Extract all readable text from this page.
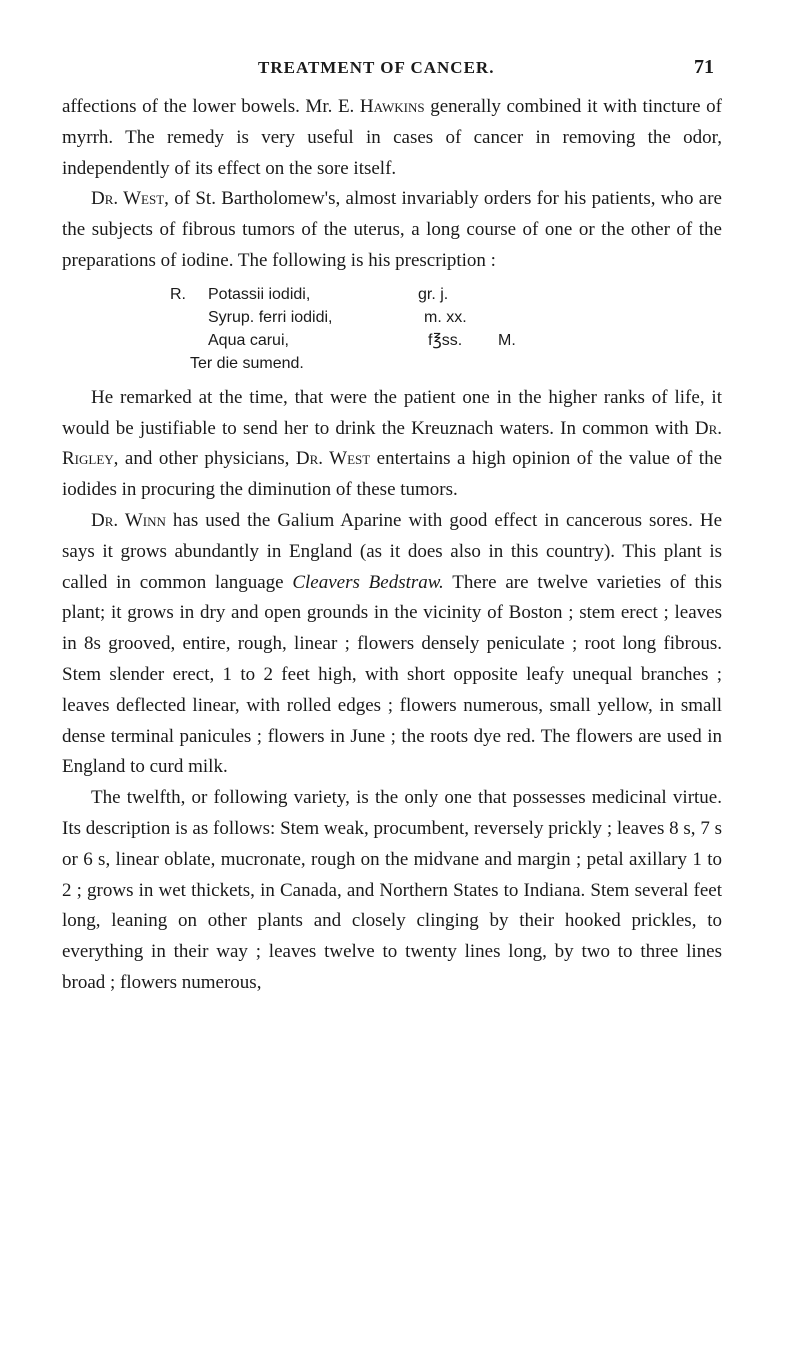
TREATMENT OF CANCER.	71

affections of the lower bowels. Mr. E. Hawkins generally combined it with tincture of myrrh. The remedy is very useful in cases of cancer in removing the odor, independently of its effect on the sore itself.

Dr. West, of St. Bartholomew's, almost invariably orders for his patients, who are the subjects of fibrous tumors of the uterus, a long course of one or the other of the preparations of iodine. The following is his prescription :

R. Potassii iodidi,	gr. j.
Syrup. ferri iodidi,	m. xx.
Aqua carui,	f℥ss. M.
Ter die sumend.

He remarked at the time, that were the patient one in the higher ranks of life, it would be justifiable to send her to drink the Kreuznach waters. In common with Dr. Rigley, and other physicians, Dr. West entertains a high opinion of the value of the iodides in procuring the diminution of these tumors.

Dr. Winn has used the Galium Aparine with good effect in cancerous sores. He says it grows abundantly in England (as it does also in this country). This plant is called in common language Cleavers Bedstraw. There are twelve varieties of this plant; it grows in dry and open grounds in the vicinity of Boston ; stem erect ; leaves in 8s grooved, entire, rough, linear ; flowers densely peniculate ; root long fibrous. Stem slender erect, 1 to 2 feet high, with short opposite leafy unequal branches ; leaves deflected linear, with rolled edges ; flowers numerous, small yellow, in small dense terminal panicules ; flowers in June ; the roots dye red. The flowers are used in England to curd milk.

The twelfth, or following variety, is the only one that possesses medicinal virtue. Its description is as follows: Stem weak, procumbent, reversely prickly ; leaves 8 s, 7 s or 6 s, linear oblate, mucronate, rough on the midvane and margin ; petal axillary 1 to 2 ; grows in wet thickets, in Canada, and Northern States to Indiana. Stem several feet long, leaning on other plants and closely clinging by their hooked prickles, to everything in their way ; leaves twelve to twenty lines long, by two to three lines broad ; flowers numerous,
